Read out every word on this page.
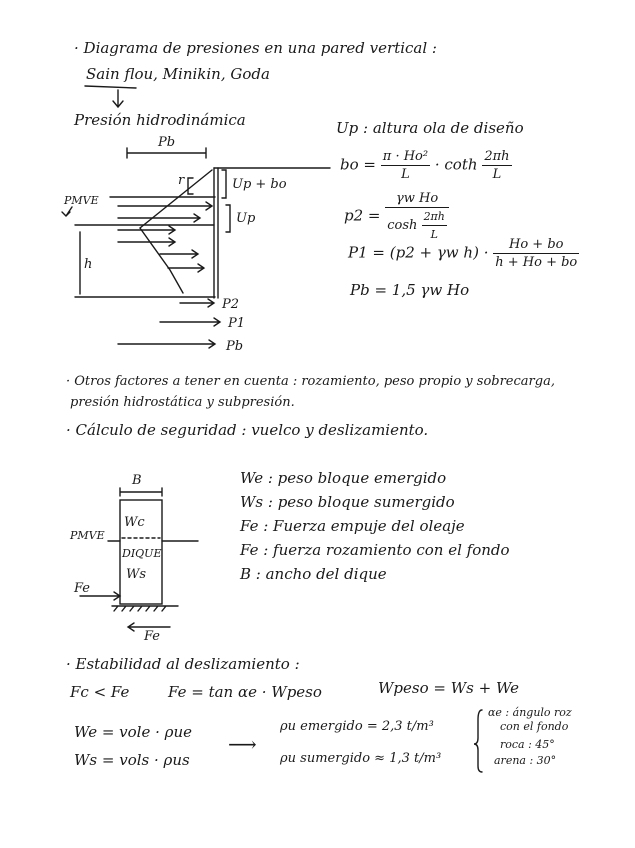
· Diagrama de presiones en una pared vertical :
Sain flou, Minikin, Goda
Presión hidrodinámica
Pb
r	Up + bo
Up
PMVE
h
P2
P1
Pb
Up : altura ola de diseño
bo = $\frac{\text{π · Ho²}}{L} \cdot \cot h \frac{2\pi h}{L}$
$p2 = \frac{\text{γw Ho}}{\cosh \frac{2\pi h}{L}}$
P1 = (p2 + γw $h) \cdot \frac{Ho + bo}{h + Ho + bo}$
Pb = 1,5 γw Ho
· Otros factores a tener en cuenta : rozamiento, peso propio y sobrecarga,
presión hidrostática y subpresión.
· Cálculo de seguridad : vuelco y deslizamiento.
B
Wc
DIQUE
Ws
PMVE
Fe
Fe
We : peso bloque emergido
Ws : peso bloque sumergido
Fe : Fuerza empuje del oleaje
Fe : fuerza rozamiento con el fondo
B : ancho del dique
· Estabilidad al deslizamiento :
Fc < Fe	Fe = tan αe · Wpeso	Wpeso = Ws + We
We = vole · ρue
Ws = vols · ρus
⟶
ρu emergido = 2,3 t/m³
ρu sumergido ≈ 1,3 t/m³
αe : ángulo roz
con el fondo
roca : 45°
arena : 30°
